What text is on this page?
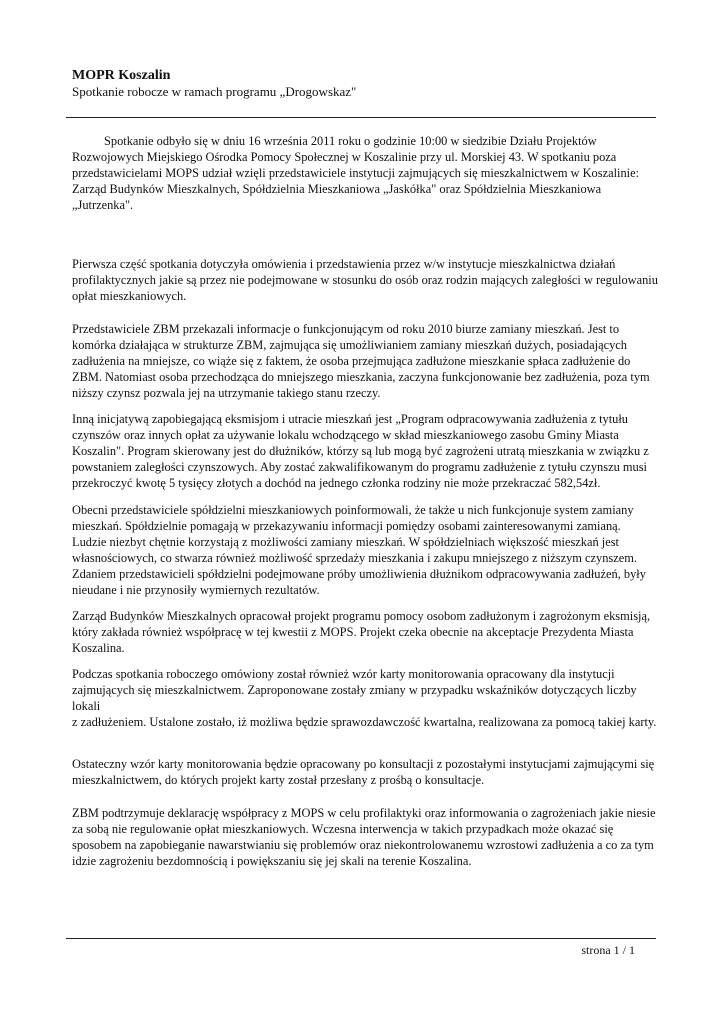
MOPR Koszalin
Spotkanie robocze w ramach programu „Drogowskaz"

Spotkanie odbyło się w dniu 16 września 2011 roku o godzinie 10:00 w siedzibie Działu Projektów Rozwojowych Miejskiego Ośrodka Pomocy Społecznej w Koszalinie przy ul. Morskiej 43. W spotkaniu poza przedstawicielami MOPS udział wzięli przedstawiciele instytucji zajmujących się mieszkalnictwem w Koszalinie: Zarząd Budynków Mieszkalnych, Spółdzielnia Mieszkaniowa „Jaskółka" oraz Spółdzielnia Mieszkaniowa „Jutrzenka".

Pierwsza część spotkania dotyczyła omówienia i przedstawienia przez w/w instytucje mieszkalnictwa działań profilaktycznych jakie są przez nie podejmowane w stosunku do osób oraz rodzin mających zaległości w regulowaniu opłat mieszkaniowych.

Przedstawiciele ZBM przekazali informacje o funkcjonującym od roku 2010 biurze zamiany mieszkań. Jest to komórka działająca w strukturze ZBM, zajmująca się umożliwianiem zamiany mieszkań dużych, posiadających zadłużenia na mniejsze, co wiąże się z faktem, że osoba przejmująca zadłużone mieszkanie spłaca zadłużenie do ZBM. Natomiast osoba przechodząca do mniejszego mieszkania, zaczyna funkcjonowanie bez zadłużenia, poza tym niższy czynsz pozwala jej na utrzymanie takiego stanu rzeczy.

Inną inicjatywą zapobiegającą eksmisjom i utracie mieszkań jest „Program odpracowywania zadłużenia z tytułu czynszów oraz innych opłat za używanie lokalu wchodzącego w skład mieszkaniowego zasobu Gminy Miasta Koszalin". Program skierowany jest do dłużników, którzy są lub mogą być zagrożeni utratą mieszkania w związku z powstaniem zaległości czynszowych. Aby zostać zakwalifikowanym do programu zadłużenie z tytułu czynszu musi przekroczyć kwotę 5 tysięcy złotych a dochód na jednego członka rodziny nie może przekraczać 582,54zł.

Obecni przedstawiciele spółdzielni mieszkaniowych poinformowali, że także u nich funkcjonuje system zamiany mieszkań. Spółdzielnie pomagają w przekazywaniu informacji pomiędzy osobami zainteresowanymi zamianą. Ludzie niezbyt chętnie korzystają z możliwości zamiany mieszkań. W spółdzielniach większość mieszkań jest własnościowych, co stwarza również możliwość sprzedaży mieszkania i zakupu mniejszego z niższym czynszem. Zdaniem przedstawicieli spółdzielni podejmowane próby umożliwienia dłużnikom odpracowywania zadłużeń, były nieudane i nie przynosiły wymiernych rezultatów.

Zarząd Budynków Mieszkalnych opracował projekt programu pomocy osobom zadłużonym i zagrożonym eksmisją, który zakłada również współpracę w tej kwestii z MOPS. Projekt czeka obecnie na akceptacje Prezydenta Miasta Koszalina.

Podczas spotkania roboczego omówiony został również wzór karty monitorowania opracowany dla instytucji zajmujących się mieszkalnictwem. Zaproponowane zostały zmiany w przypadku wskaźników dotyczących liczby lokali
z zadłużeniem. Ustalone zostało, iż możliwa będzie sprawozdawczość kwartalna, realizowana za pomocą takiej karty.

Ostateczny wzór karty monitorowania będzie opracowany po konsultacji z pozostałymi instytucjami zajmującymi się mieszkalnictwem, do których projekt karty został przesłany z prośbą o konsultacje.

ZBM podtrzymuje deklarację współpracy z MOPS w celu profilaktyki oraz informowania o zagrożeniach jakie niesie za sobą nie regulowanie opłat mieszkaniowych. Wczesna interwencja w takich przypadkach może okazać się sposobem na zapobieganie nawarstwianiu się problemów oraz niekontrolowanemu wzrostowi zadłużenia a co za tym idzie zagrożeniu bezdomnością i powiększaniu się jej skali na terenie Koszalina.

strona 1 / 1
